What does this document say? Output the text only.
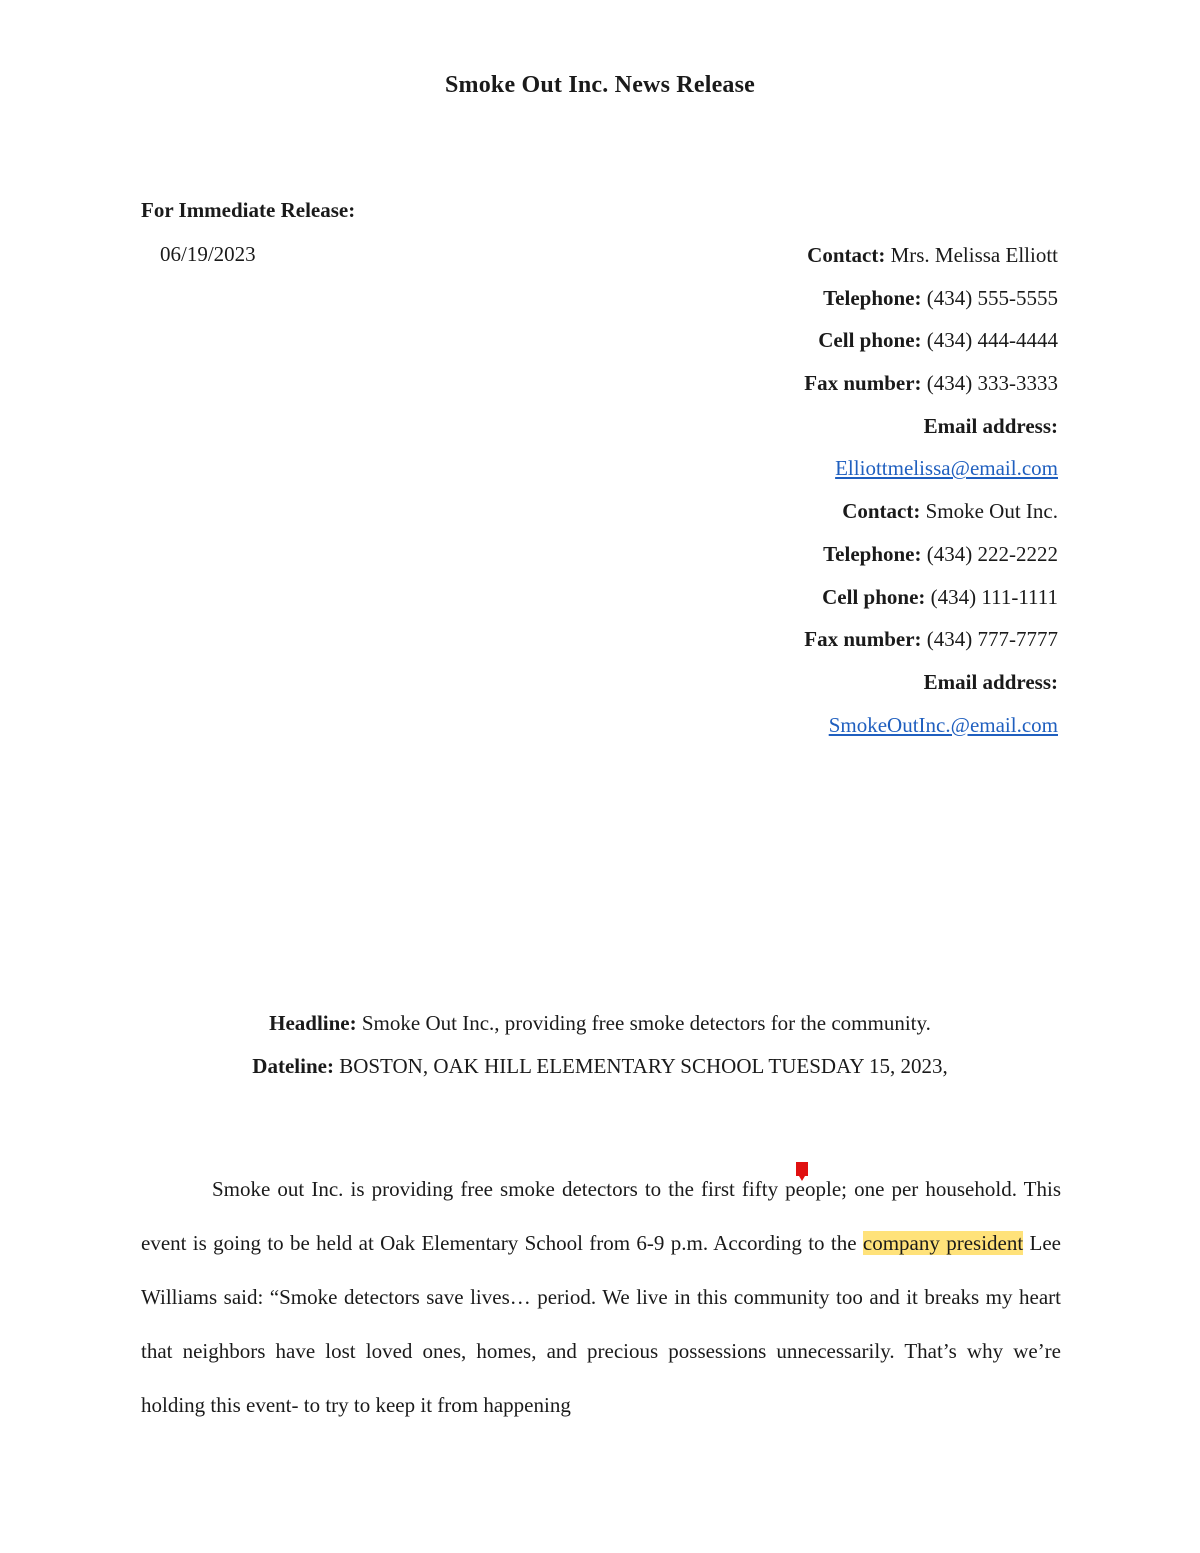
Smoke Out Inc. News Release
For Immediate Release:
06/19/2023	Contact: Mrs. Melissa Elliott
Telephone: (434) 555-5555
Cell phone: (434) 444-4444
Fax number: (434) 333-3333
Email address:
Elliottmelissa@email.com
Contact: Smoke Out Inc.
Telephone: (434) 222-2222
Cell phone: (434) 111-1111
Fax number: (434) 777-7777
Email address:
SmokeOutInc.@email.com
Headline: Smoke Out Inc., providing free smoke detectors for the community.
Dateline: BOSTON, OAK HILL ELEMENTARY SCHOOL TUESDAY 15, 2023,
Smoke out Inc. is providing free smoke detectors to the first fifty people; one per household. This event is going to be held at Oak Elementary School from 6-9 p.m. According to the company president Lee Williams said: “Smoke detectors save lives… period. We live in this community too and it breaks my heart that neighbors have lost loved ones, homes, and precious possessions unnecessarily. That’s why we’re holding this event- to try to keep it from happening
